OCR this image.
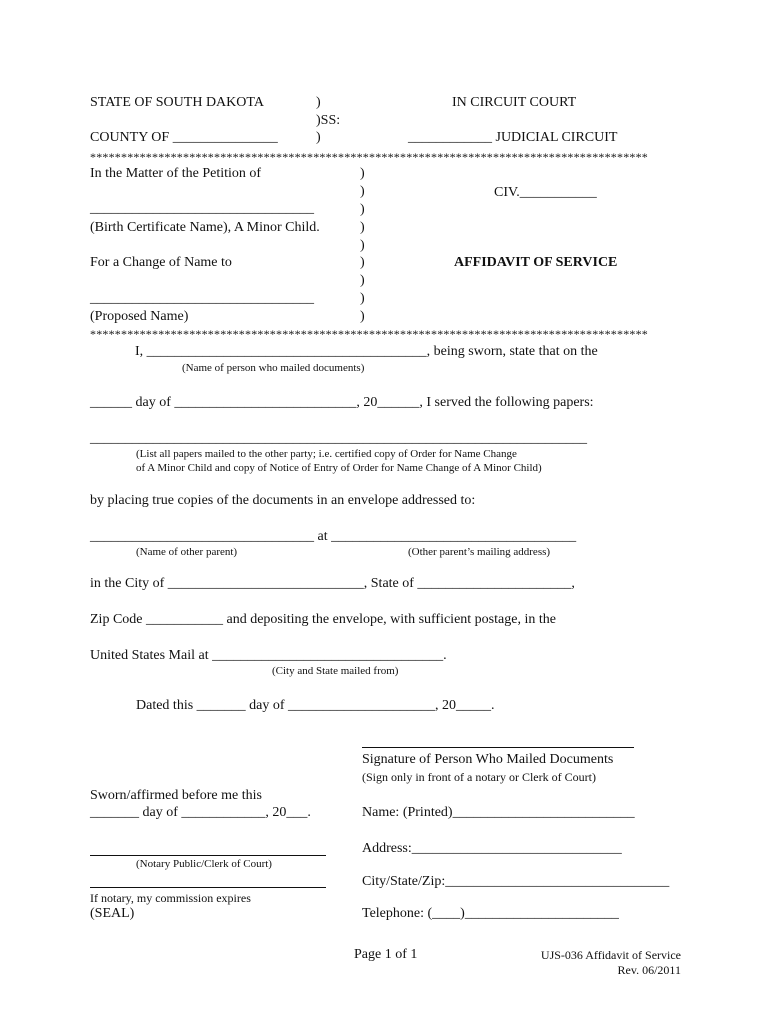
STATE OF SOUTH DAKOTA	)
)SS:
COUNTY OF _______________	)
IN CIRCUIT COURT
____________ JUDICIAL CIRCUIT
******************************************************************************************
In the Matter of the Petition of
________________________________
(Birth Certificate Name), A Minor Child.
For a Change of Name to
________________________________
(Proposed Name)
)
)
)
)
)
)
)
)
)
CIV.___________
AFFIDAVIT OF SERVICE
******************************************************************************************
I, ________________________________________, being sworn, state that on the
(Name of person who mailed documents)
______ day of __________________________, 20______, I served the following papers:
_______________________________________________________________________
(List all papers mailed to the other party; i.e. certified copy of Order for Name Change
of A Minor Child and copy of Notice of Entry of Order for Name Change of A Minor Child)
by placing true copies of the documents in an envelope addressed to:
________________________________ at ___________________________________
(Name of other parent)	(Other parent’s mailing address)
in the City of ____________________________, State of ______________________,
Zip Code ___________ and depositing the envelope, with sufficient postage, in the
United States Mail at _________________________________.
(City and State mailed from)
Dated this _______ day of _____________________, 20_____.
Signature of Person Who Mailed Documents
(Sign only in front of a notary or Clerk of Court)
Name: (Printed)__________________________
Address:______________________________
City/State/Zip:________________________________
Telephone: (____)______________________
Sworn/affirmed before me this
_______ day of ____________, 20___.
(Notary Public/Clerk of Court)
If notary, my commission expires
(SEAL)
Page 1 of 1	UJS-036 Affidavit of Service
Rev. 06/2011
